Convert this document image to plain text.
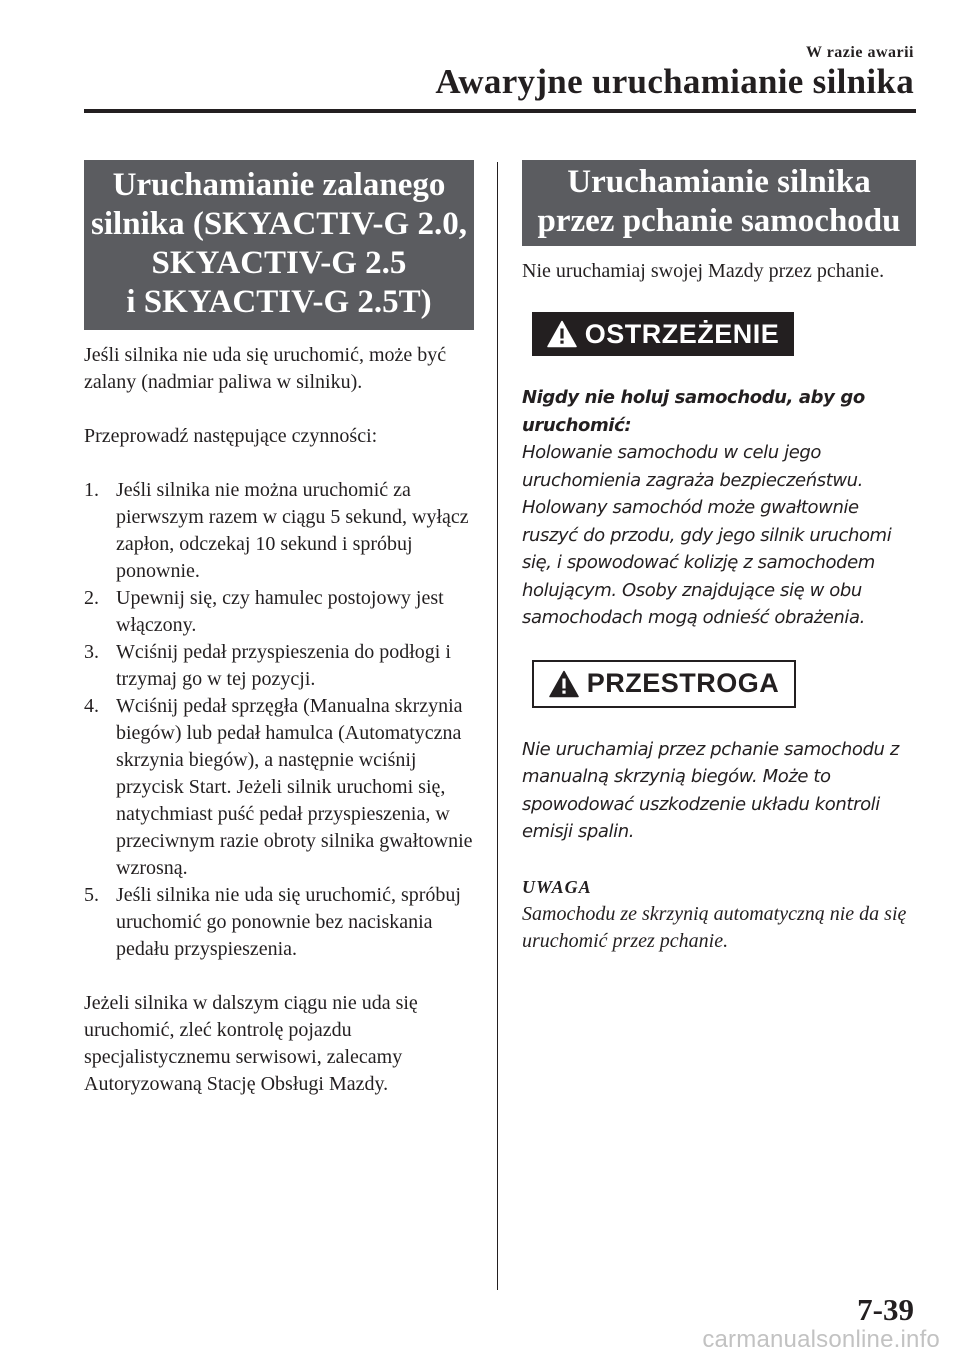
W razie awarii
Awaryjne uruchamianie silnika
Uruchamianie zalanego
silnika (SKYACTIV-G 2.0,
SKYACTIV-G 2.5
i SKYACTIV-G 2.5T)

Jeśli silnika nie uda się uruchomić, może być zalany (nadmiar paliwa w silniku).

Przeprowadź następujące czynności:

1. Jeśli silnika nie można uruchomić za pierwszym razem w ciągu 5 sekund, wyłącz zapłon, odczekaj 10 sekund i spróbuj ponownie.
2. Upewnij się, czy hamulec postojowy jest włączony.
3. Wciśnij pedał przyspieszenia do podłogi i trzymaj go w tej pozycji.
4. Wciśnij pedał sprzęgła (Manualna skrzynia biegów) lub pedał hamulca (Automatyczna skrzynia biegów), a następnie wciśnij przycisk Start. Jeżeli silnik uruchomi się, natychmiast puść pedał przyspieszenia, w przeciwnym razie obroty silnika gwałtownie wzrosną.
5. Jeśli silnika nie uda się uruchomić, spróbuj uruchomić go ponownie bez naciskania pedału przyspieszenia.

Jeżeli silnika w dalszym ciągu nie uda się uruchomić, zleć kontrolę pojazdu specjalistycznemu serwisowi, zalecamy Autoryzowaną Stację Obsługi Mazdy.

Uruchamianie silnika
przez pchanie samochodu

Nie uruchamiaj swojej Mazdy przez pchanie.

OSTRZEŻENIE
Nigdy nie holuj samochodu, aby go uruchomić:
Holowanie samochodu w celu jego uruchomienia zagraża bezpieczeństwu. Holowany samochód może gwałtownie ruszyć do przodu, gdy jego silnik uruchomi się, i spowodować kolizję z samochodem holującym. Osoby znajdujące się w obu samochodach mogą odnieść obrażenia.
PRZESTROGA
Nie uruchamiaj przez pchanie samochodu z manualną skrzynią biegów. Może to spowodować uszkodzenie układu kontroli emisji spalin.
UWAGA
Samochodu ze skrzynią automatyczną nie da się uruchomić przez pchanie.
7-39
carmanualsonline.info
